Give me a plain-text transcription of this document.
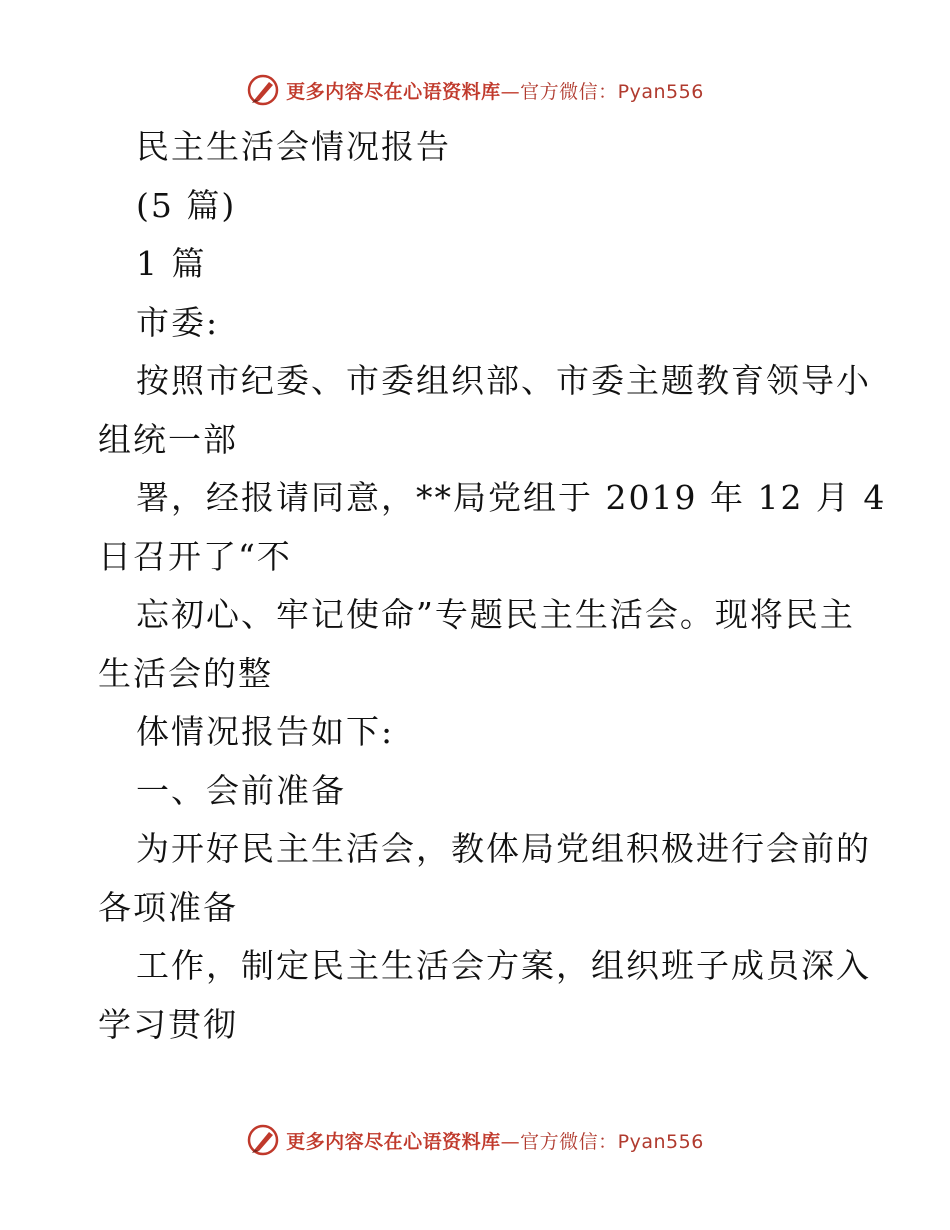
更多内容尽在心语资料库—官方微信：Pyan556
民主生活会情况报告
(5 篇)
1 篇
市委:
按照市纪委、市委组织部、市委主题教育领导小
组统一部
署，经报请同意，**局党组于 2019 年 12 月 4
日召开了“不
忘初心、牢记使命”专题民主生活会。现将民主
生活会的整
体情况报告如下:
一、会前准备
为开好民主生活会，教体局党组积极进行会前的
各项准备
工作，制定民主生活会方案，组织班子成员深入
学习贯彻
更多内容尽在心语资料库—官方微信：Pyan556
